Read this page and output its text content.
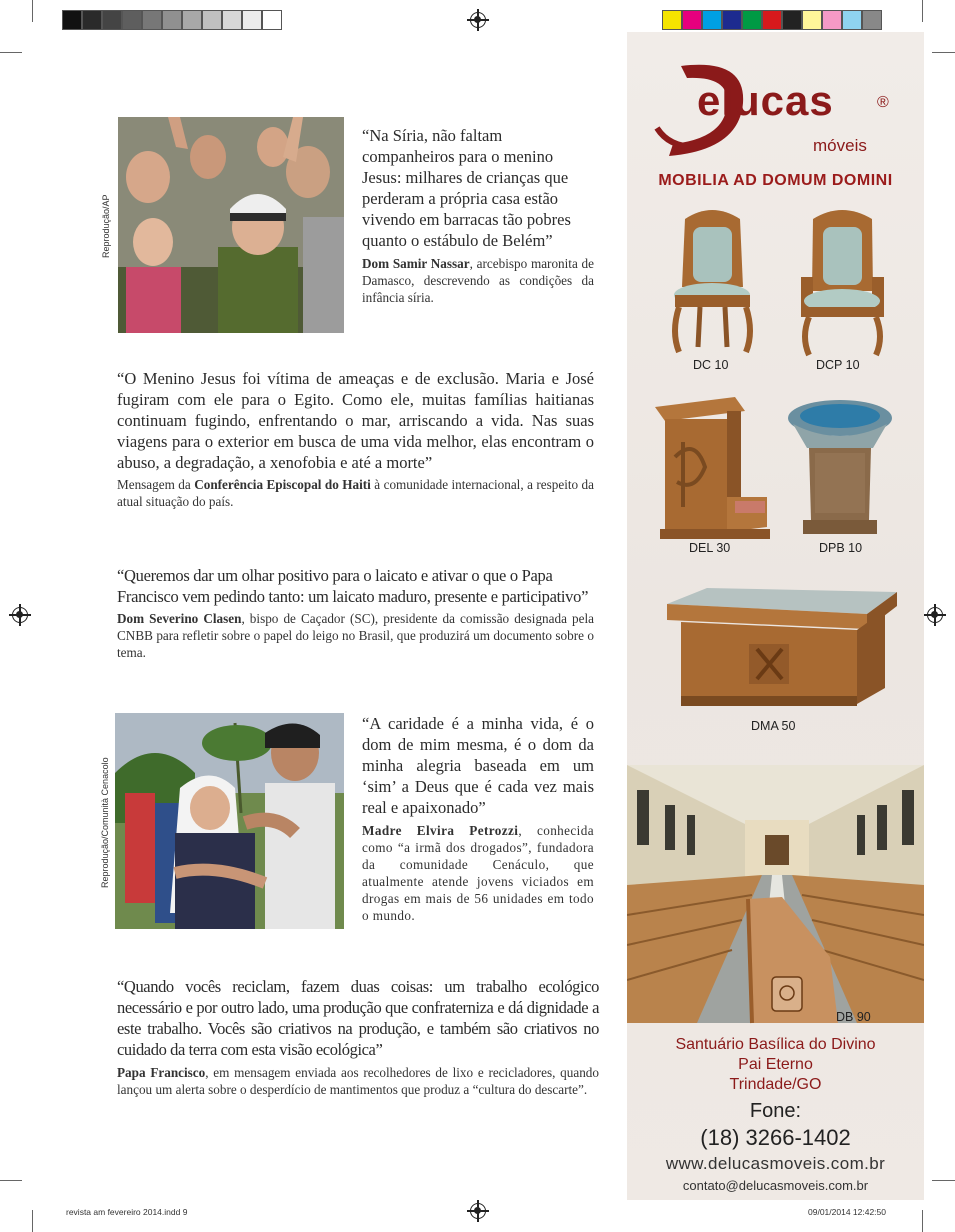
Reprodução/AP
“Na Síria, não faltam companheiros para o menino Jesus: milhares de crianças que perderam a própria casa estão vivendo em barracas tão pobres quanto o estábulo de Belém”
Dom Samir Nassar, arcebispo maronita de Damasco, descrevendo as condições da infância síria.
“O Menino Jesus foi vítima de ameaças e de exclusão. Maria e José fugiram com ele para o Egito. Como ele, muitas famílias haitianas continuam fugindo, enfrentando o mar, arriscando a vida. Nas suas viagens para o exterior em busca de uma vida melhor, elas encontram o abuso, a degradação, a xenofobia e até a morte”
Mensagem da Conferência Episcopal do Haiti à comunidade internacional, a respeito da atual situação do país.
“Queremos dar um olhar positivo para o laicato e ativar o que o Papa Francisco vem pedindo tanto: um laicato maduro, presente e participativo”
Dom Severino Clasen, bispo de Caçador (SC), presidente da comissão designada pela CNBB para refletir sobre o papel do leigo no Brasil, que produzirá um documento sobre o tema.
Reprodução/Comunità Cenacolo
“A caridade é a minha vida, é o dom de mim mesma, é o dom da minha alegria baseada em um ‘sim’ a Deus que é cada vez mais real e apaixonado”
Madre Elvira Petrozzi, conhecida como “a irmã dos drogados”, fundadora da comunidade Cenáculo, que atualmente atende jovens viciados em drogas em mais de 56 unidades em todo o mundo.
“Quando vocês reciclam, fazem duas coisas: um trabalho ecológico necessário e por outro lado, uma produção que confraterniza e dá dignidade a este trabalho. Vocês são criativos na produção, e também são criativos no cuidado da terra com esta visão ecológica”
Papa Francisco, em mensagem enviada aos recolhedores de lixo e recicladores, quando lançou um alerta sobre o desperdício de mantimentos que produz a “cultura do descarte”.
elucas	®
móveis
MOBILIA AD DOMUM DOMINI
DC 10	DCP 10
DEL 30	DPB 10
DMA 50
DB 90
Santuário Basílica do Divino
Pai Eterno
Trindade/GO
Fone:
(18) 3266-1402
www.delucasmoveis.com.br
contato@delucasmoveis.com.br
revista am fevereiro 2014.indd 9	09/01/2014 12:42:50
